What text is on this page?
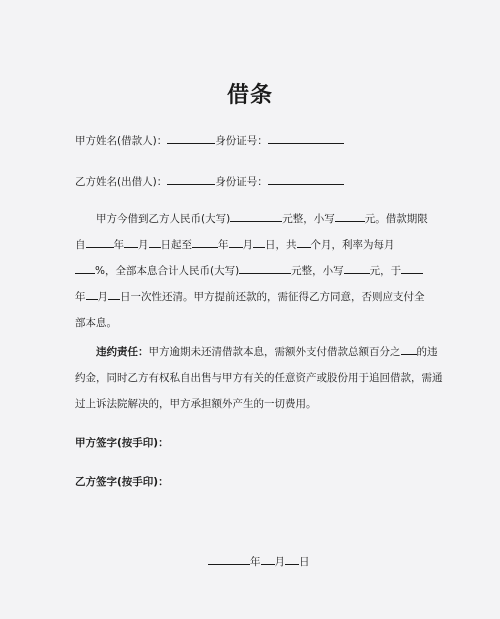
借条
甲方姓名(借款人)：	身份证号：
乙方姓名(出借人)：	身份证号：
甲方今借到乙方人民币(大写)	元整，小写	元。借款期限
自	年 月 日起至 年 月 日，共 个月，利率为每月
%，全部本息合计人民币(大写)	元整，小写 元，于
年 月 日一次性还清。甲方提前还款的，需征得乙方同意，否则应支付全
部本息。
违约责任：甲方逾期未还清借款本息，需额外支付借款总额百分之 的违
约金，同时乙方有权私自出售与甲方有关的任意资产或股份用于追回借款，需通
过上诉法院解决的，甲方承担额外产生的一切费用。
甲方签字(按手印)：
乙方签字(按手印)：
年 月 日
